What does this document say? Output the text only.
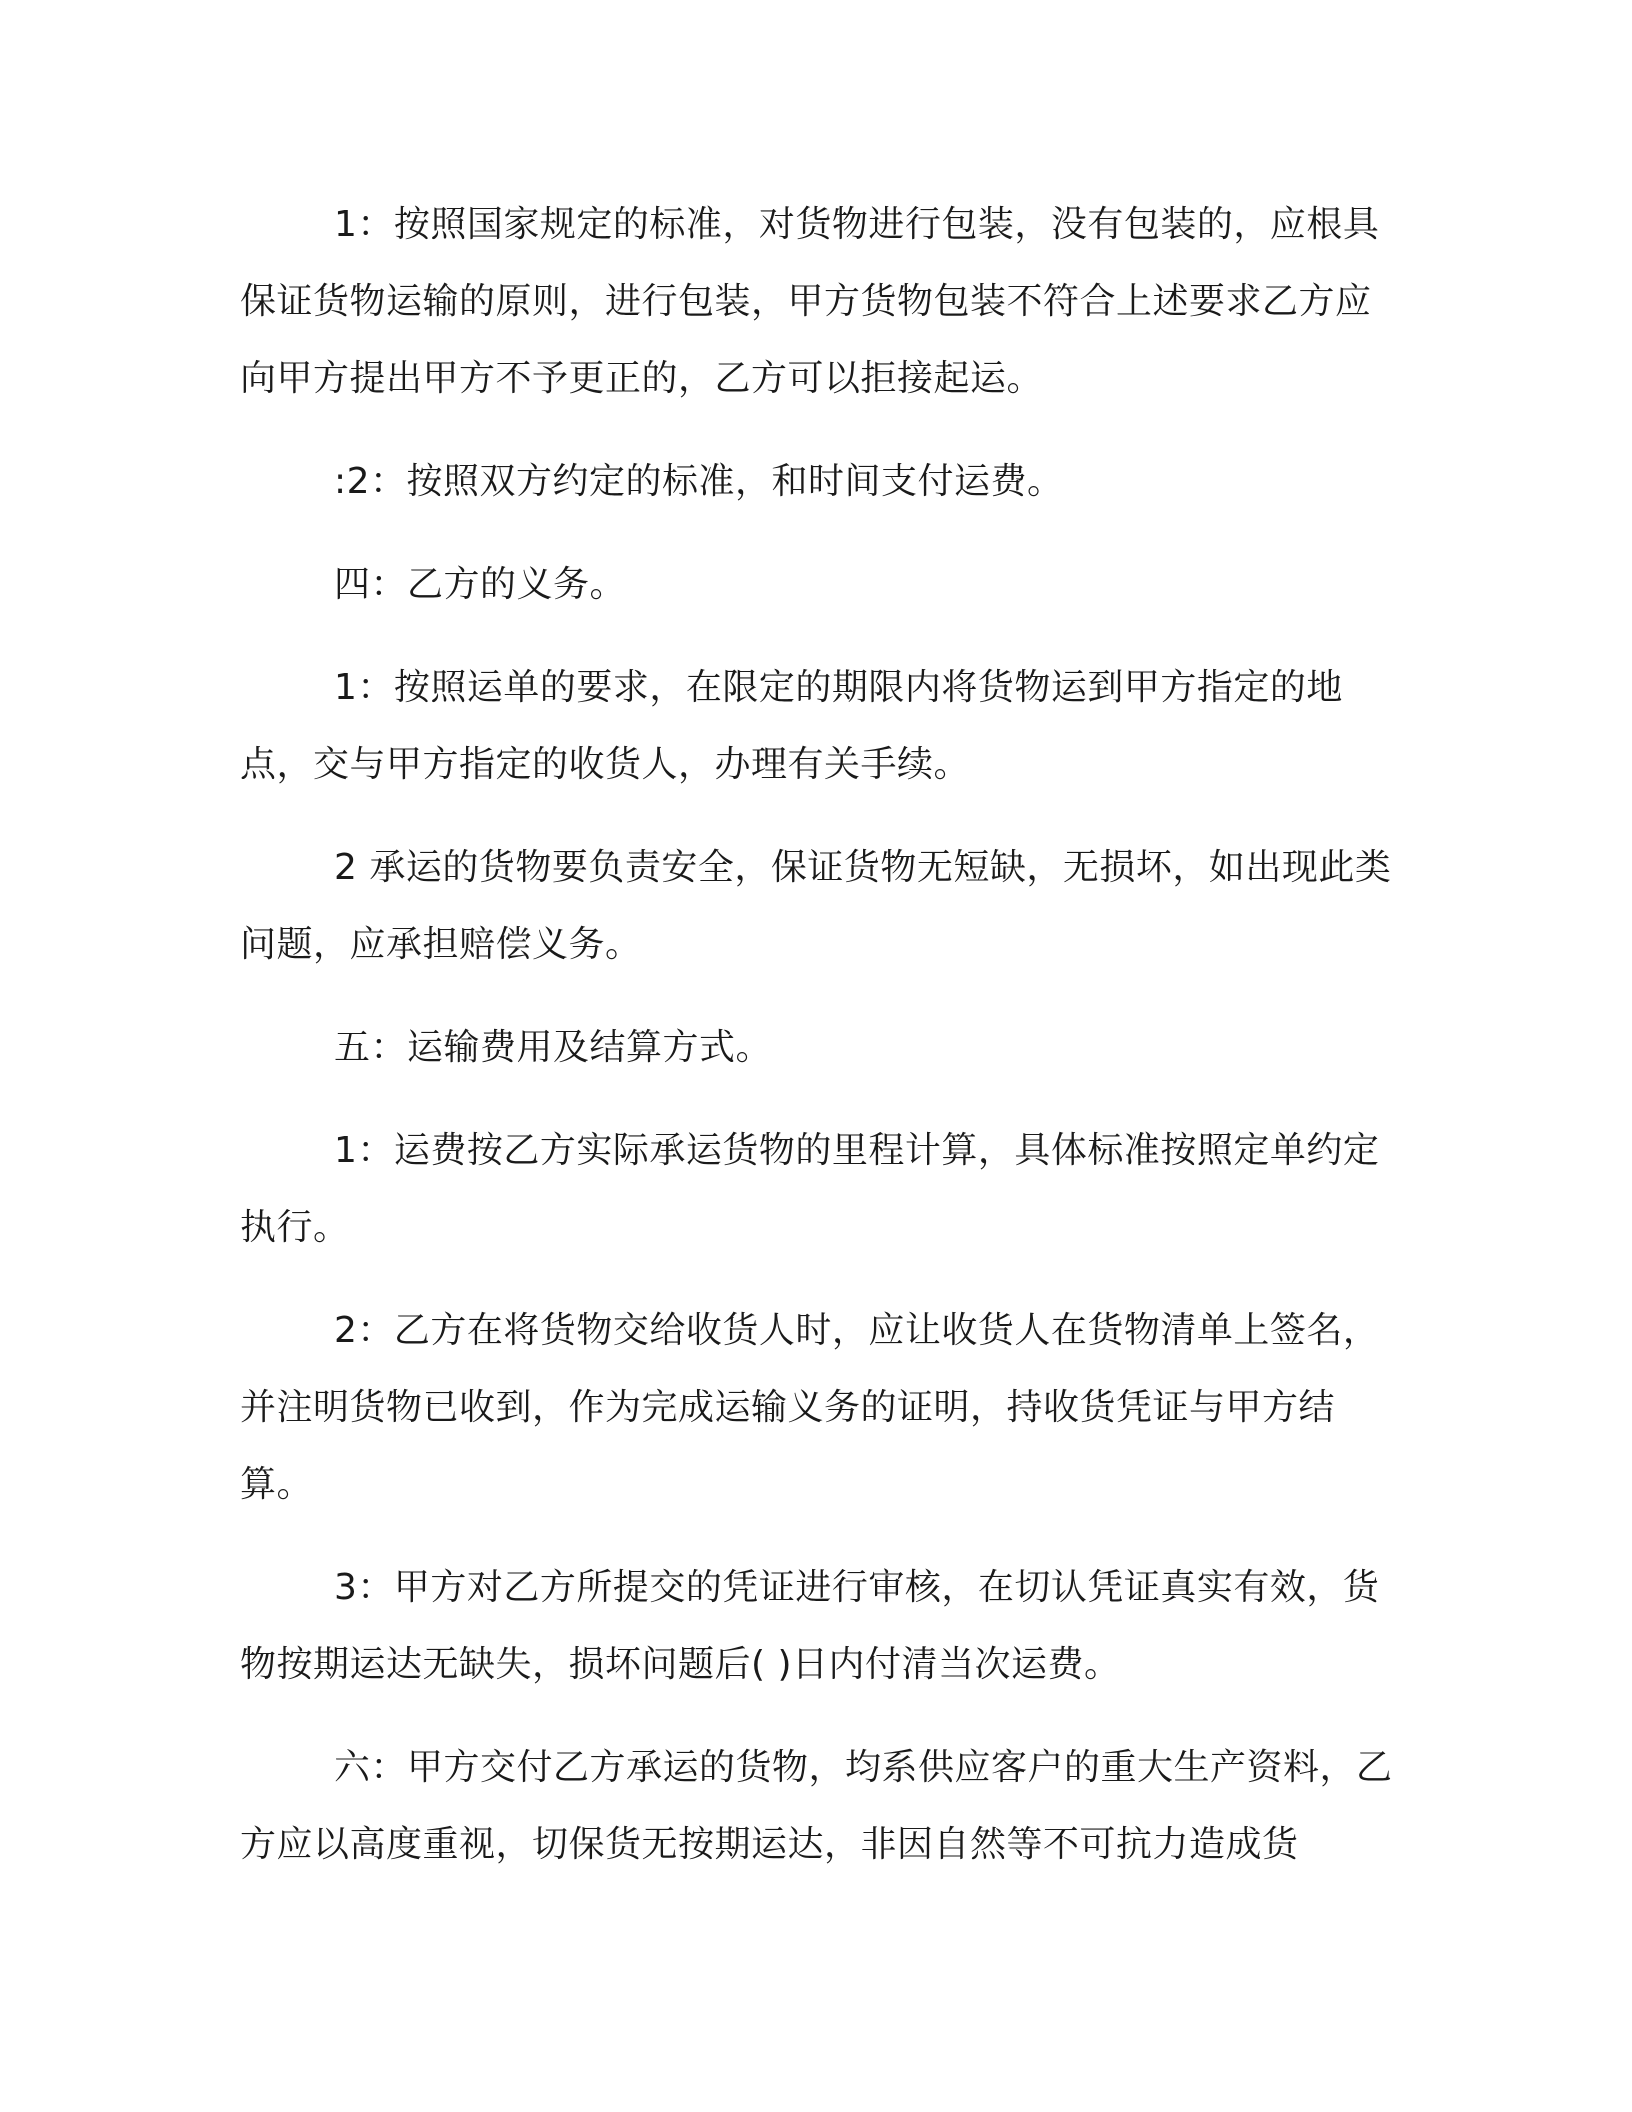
1：按照国家规定的标准，对货物进行包装，没有包装的，应根具保证货物运输的原则，进行包装，甲方货物包装不符合上述要求乙方应向甲方提出甲方不予更正的，乙方可以拒接起运。

:2：按照双方约定的标准，和时间支付运费。

四：乙方的义务。

1：按照运单的要求，在限定的期限内将货物运到甲方指定的地点，交与甲方指定的收货人，办理有关手续。

2 承运的货物要负责安全，保证货物无短缺，无损坏，如出现此类问题，应承担赔偿义务。

五：运输费用及结算方式。

1：运费按乙方实际承运货物的里程计算，具体标准按照定单约定执行。

2：乙方在将货物交给收货人时，应让收货人在货物清单上签名，并注明货物已收到，作为完成运输义务的证明，持收货凭证与甲方结算。

3：甲方对乙方所提交的凭证进行审核，在切认凭证真实有效，货物按期运达无缺失，损坏问题后( )日内付清当次运费。

六：甲方交付乙方承运的货物，均系供应客户的重大生产资料，乙方应以高度重视，切保货无按期运达，非因自然等不可抗力造成货
